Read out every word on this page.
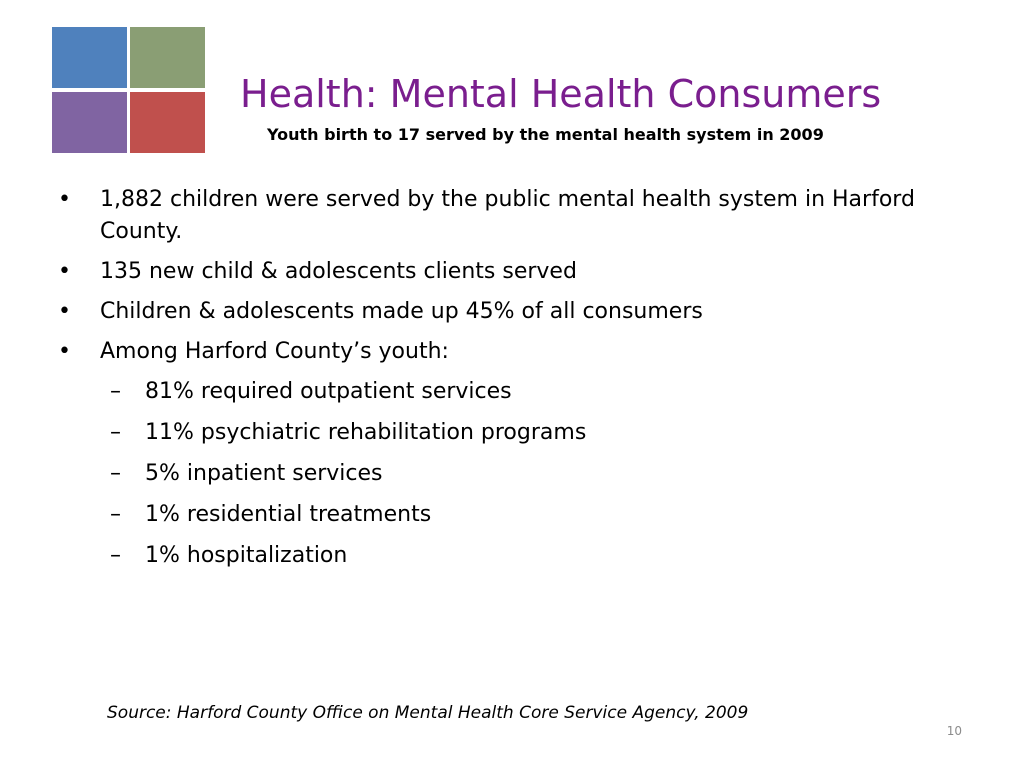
Health: Mental Health Consumers
Youth birth to 17 served by the mental health system in 2009
•	1,882 children were served by the public mental health system in Harford County.
•	135 new child & adolescents clients served
•	Children & adolescents made up 45% of all consumers
•	Among Harford County’s youth:
– 81% required outpatient services
– 11% psychiatric rehabilitation programs
– 5% inpatient services
– 1% residential treatments
– 1% hospitalization
Source: Harford County Office on Mental Health Core Service Agency, 2009
10
